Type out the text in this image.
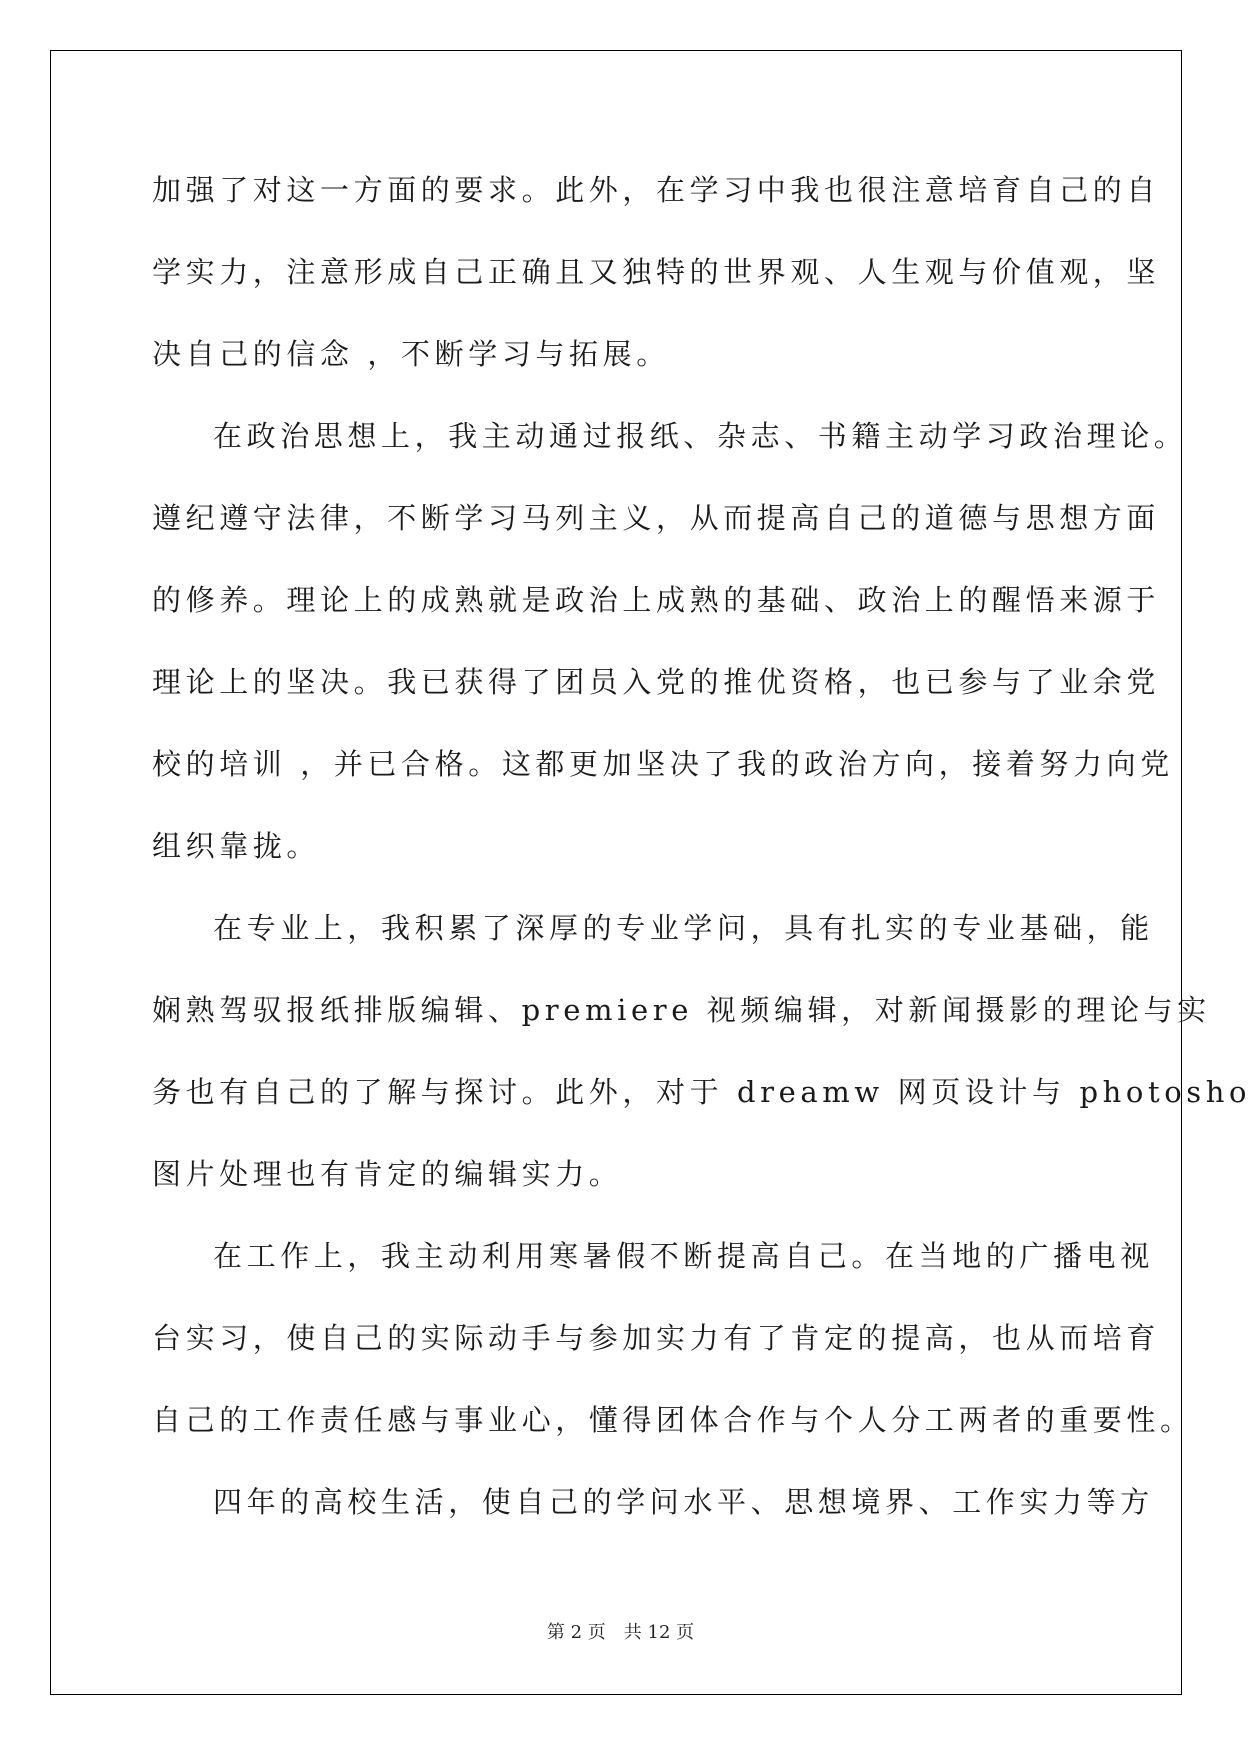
加强了对这一方面的要求。此外，在学习中我也很注意培育自己的自
学实力，注意形成自己正确且又独特的世界观、人生观与价值观，坚
决自己的信念 ，不断学习与拓展。
在政治思想上，我主动通过报纸、杂志、书籍主动学习政治理论。
遵纪遵守法律，不断学习马列主义，从而提高自己的道德与思想方面
的修养。理论上的成熟就是政治上成熟的基础、政治上的醒悟来源于
理论上的坚决。我已获得了团员入党的推优资格，也已参与了业余党
校的培训 ，并已合格。这都更加坚决了我的政治方向，接着努力向党
组织靠拢。
在专业上，我积累了深厚的专业学问，具有扎实的专业基础，能
娴熟驾驭报纸排版编辑、premiere 视频编辑，对新闻摄影的理论与实
务也有自己的了解与探讨。此外，对于 dreamw 网页设计与 photosho
图片处理也有肯定的编辑实力。
在工作上，我主动利用寒暑假不断提高自己。在当地的广播电视
台实习，使自己的实际动手与参加实力有了肯定的提高，也从而培育
自己的工作责任感与事业心，懂得团体合作与个人分工两者的重要性。
四年的高校生活，使自己的学问水平、思想境界、工作实力等方
第 2 页 共 12 页
